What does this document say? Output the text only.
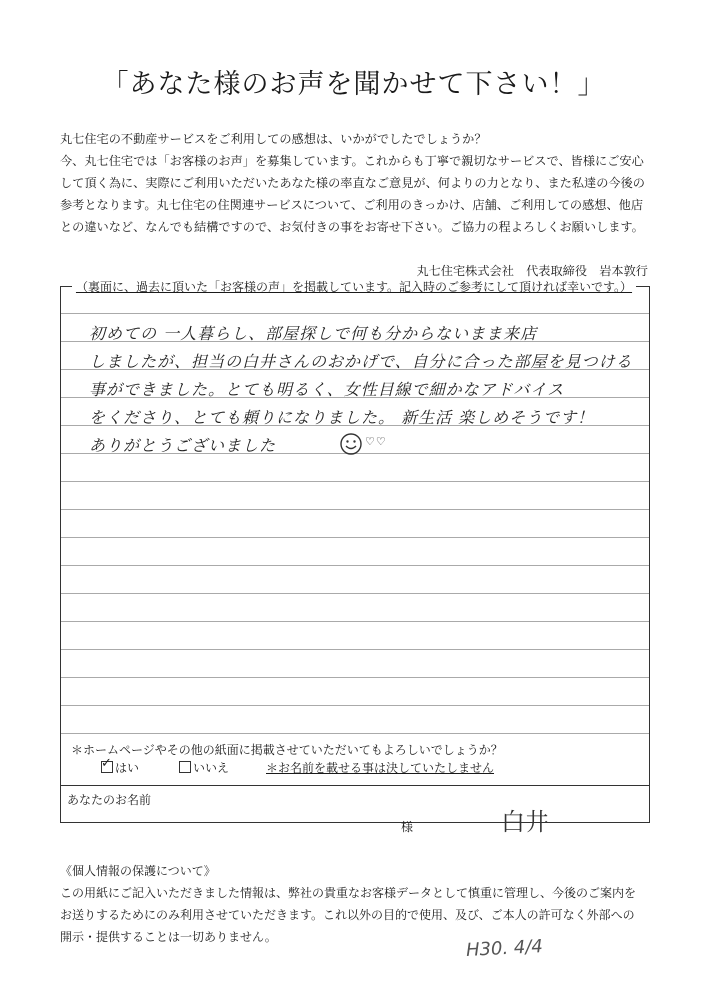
「あなた様のお声を聞かせて下さい！」

丸七住宅の不動産サービスをご利用しての感想は、いかがでしたでしょうか？

今、丸七住宅では「お客様のお声」を募集しています。これからも丁寧で親切なサービスで、皆様にご安心

して頂く為に、実際にご利用いただいたあなた様の率直なご意見が、何よりの力となり、また私達の今後の

参考となります。丸七住宅の住関連サービスについて、ご利用のきっかけ、店舗、ご利用しての感想、他店

との違いなど、なんでも結構ですので、お気付きの事をお寄せ下さい。ご協力の程よろしくお願いします。

丸七住宅株式会社　代表取締役　岩本敦行
初めての 一人暮らし、部屋探しで何も分からないまま来店
しましたが、担当の白井さんのおかげで、自分に合った部屋を見つける
事ができました。とても明るく、女性目線で細かなアドバイス
をくださり、とても頼りになりました。 新生活 楽しめそうです！
ありがとうございました	♡♡
＊ホームページやその他の紙面に掲載させていただいてもよろしいでしょうか？
✓はい	いいえ	＊お名前を載せる事は決していたしません
あなたのお名前
白井
様
（裏面に、過去に頂いた「お客様の声」を掲載しています。記入時のご参考にして頂ければ幸いです。）
《個人情報の保護について》

この用紙にご記入いただきました情報は、弊社の貴重なお客様データとして慎重に管理し、今後のご案内を

お送りするためにのみ利用させていただきます。これ以外の目的で使用、及び、ご本人の許可なく外部への

開示・提供することは一切ありません。	H30. 4/4
